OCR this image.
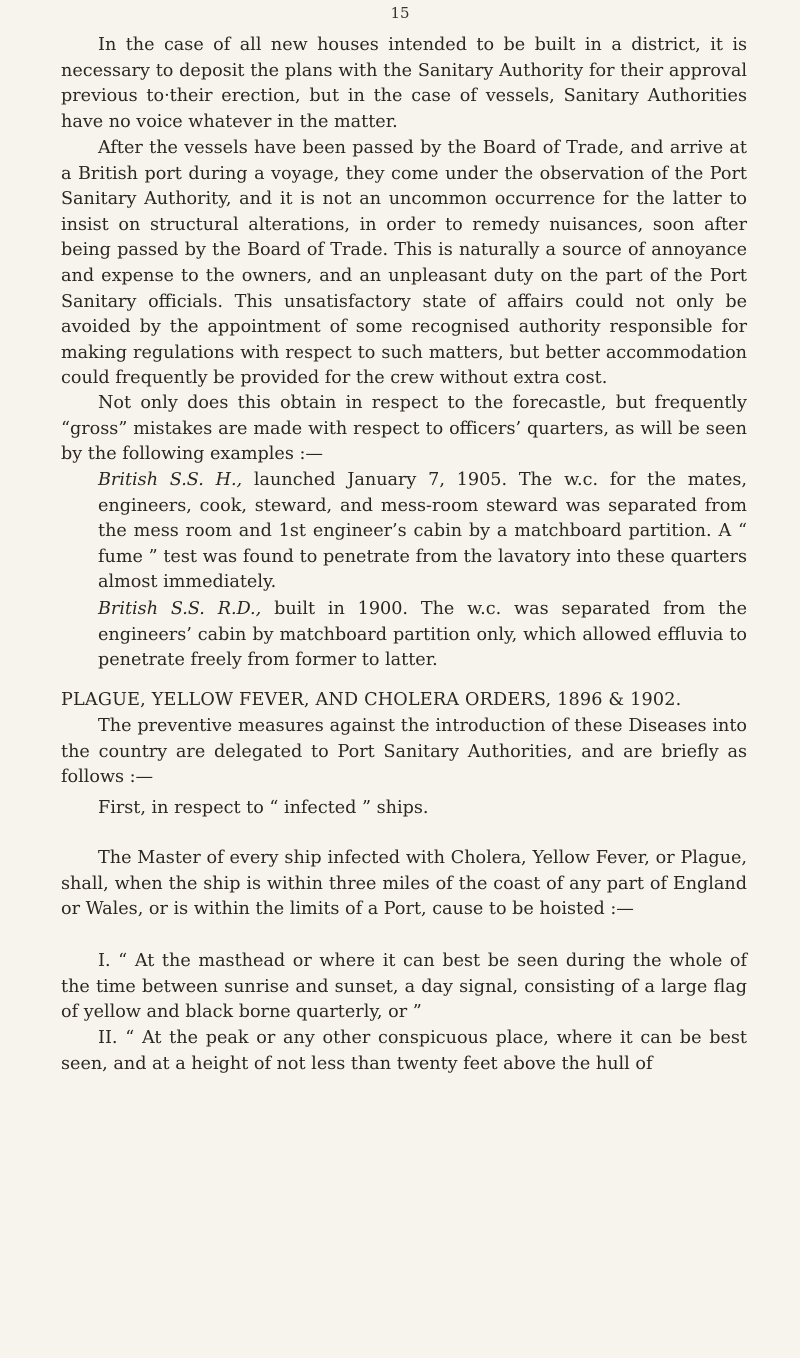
15

In the case of all new houses intended to be built in a district, it is necessary to deposit the plans with the Sanitary Authority for their approval previous to·their erection, but in the case of vessels, Sanitary Authorities have no voice whatever in the matter.

After the vessels have been passed by the Board of Trade, and arrive at a British port during a voyage, they come under the observation of the Port Sanitary Authority, and it is not an uncommon occurrence for the latter to insist on structural alterations, in order to remedy nuisances, soon after being passed by the Board of Trade. This is naturally a source of annoyance and expense to the owners, and an unpleasant duty on the part of the Port Sanitary officials. This unsatisfactory state of affairs could not only be avoided by the appointment of some recognised authority responsible for making regulations with respect to such matters, but better accommodation could frequently be provided for the crew without extra cost.

Not only does this obtain in respect to the forecastle, but frequently “gross” mistakes are made with respect to officers’ quarters, as will be seen by the following examples :—

British S.S. H., launched January 7, 1905. The w.c. for the mates, engineers, cook, steward, and mess-room steward was separated from the mess room and 1st engineer’s cabin by a matchboard partition. A “ fume ” test was found to penetrate from the lavatory into these quarters almost immediately.

British S.S. R.D., built in 1900. The w.c. was separated from the engineers’ cabin by matchboard partition only, which allowed effluvia to penetrate freely from former to latter.

PLAGUE, YELLOW FEVER, AND CHOLERA ORDERS, 1896 & 1902.

The preventive measures against the introduction of these Diseases into the country are delegated to Port Sanitary Authorities, and are briefly as follows :—

First, in respect to “ infected ” ships.

The Master of every ship infected with Cholera, Yellow Fever, or Plague, shall, when the ship is within three miles of the coast of any part of England or Wales, or is within the limits of a Port, cause to be hoisted :—

I. “ At the masthead or where it can best be seen during the whole of the time between sunrise and sunset, a day signal, consisting of a large flag of yellow and black borne quarterly, or ”

II. “ At the peak or any other conspicuous place, where it can be best seen, and at a height of not less than twenty feet above the hull of
